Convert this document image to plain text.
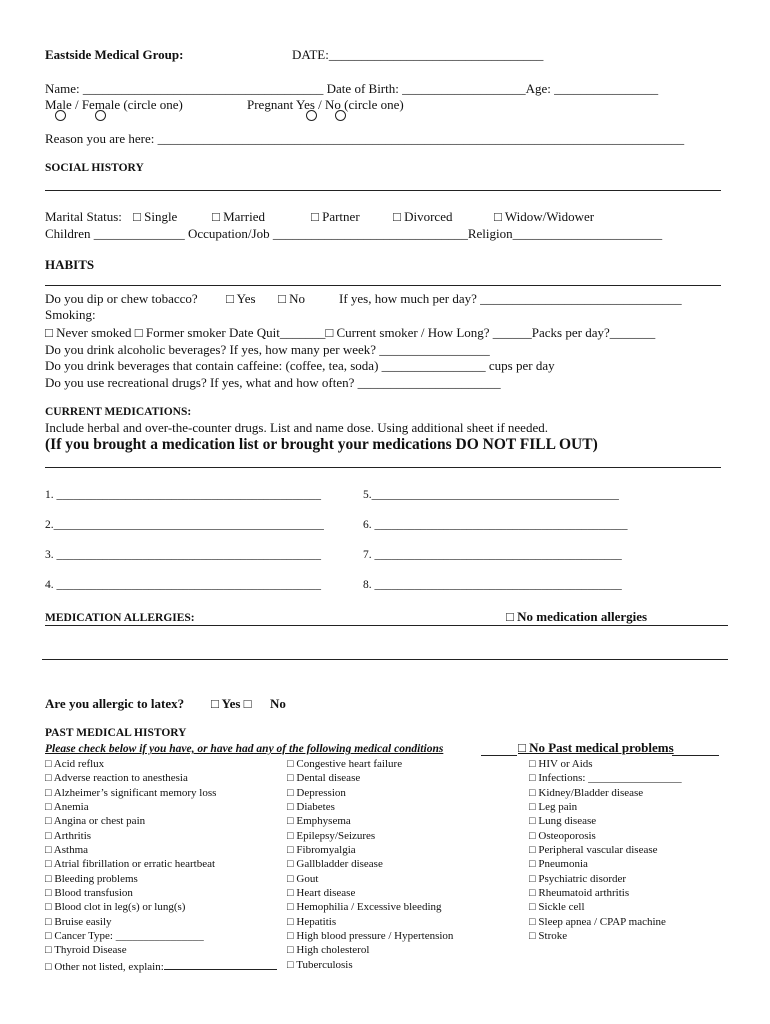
Eastside Medical Group:	DATE:_________________________________
Name: _____________________________________ Date of Birth: ___________________Age: ________________
Male / Female (circle one)	Pregnant Yes / No (circle one)
Reason you are here: _________________________________________________________________________________
SOCIAL HISTORY
Marital Status: □ Single	□ Married	□ Partner	□ Divorced	□ Widow/Widower
Children ______________ Occupation/Job ______________________________Religion_______________________
HABITS
Do you dip or chew tobacco? □ Yes □ No	If yes, how much per day? _______________________________
Smoking:
□ Never smoked □ Former smoker Date Quit_______□ Current smoker / How Long? ______Packs per day?_______
Do you drink alcoholic beverages? If yes, how many per week? _________________
Do you drink beverages that contain caffeine: (coffee, tea, soda) ________________ cups per day
Do you use recreational drugs? If yes, what and how often? ______________________
CURRENT MEDICATIONS:
Include herbal and over-the-counter drugs. List and name dose. Using additional sheet if needed.
(If you brought a medication list or brought your medications DO NOT FILL OUT)
1. ______________________________________________	5.___________________________________________
2._______________________________________________	6. ____________________________________________
3. ______________________________________________	7. ___________________________________________
4. ______________________________________________	8. ___________________________________________
MEDICATION ALLERGIES:	□ No medication allergies
Are you allergic to latex? □ Yes □ No
PAST MEDICAL HISTORY
Please check below if you have, or have had any of the following medical conditions	□ No Past medical problems
□ Acid reflux
□ Adverse reaction to anesthesia
□ Alzheimer’s significant memory loss
□ Anemia
□ Angina or chest pain
□ Arthritis
□ Asthma
□ Atrial fibrillation or erratic heartbeat
□ Bleeding problems
□ Blood transfusion
□ Blood clot in leg(s) or lung(s)
□ Bruise easily
□ Cancer Type: ________________
□ Thyroid Disease
□ Other not listed, explain:
□ Congestive heart failure
□ Dental disease
□ Depression
□ Diabetes
□ Emphysema
□ Epilepsy/Seizures
□ Fibromyalgia
□ Gallbladder disease
□ Gout
□ Heart disease
□ Hemophilia / Excessive bleeding
□ Hepatitis
□ High blood pressure / Hypertension
□ High cholesterol
□ Tuberculosis
□ HIV or Aids
□ Infections: _________________
□ Kidney/Bladder disease
□ Leg pain
□ Lung disease
□ Osteoporosis
□ Peripheral vascular disease
□ Pneumonia
□ Psychiatric disorder
□ Rheumatoid arthritis
□ Sickle cell
□ Sleep apnea / CPAP machine
□ Stroke
